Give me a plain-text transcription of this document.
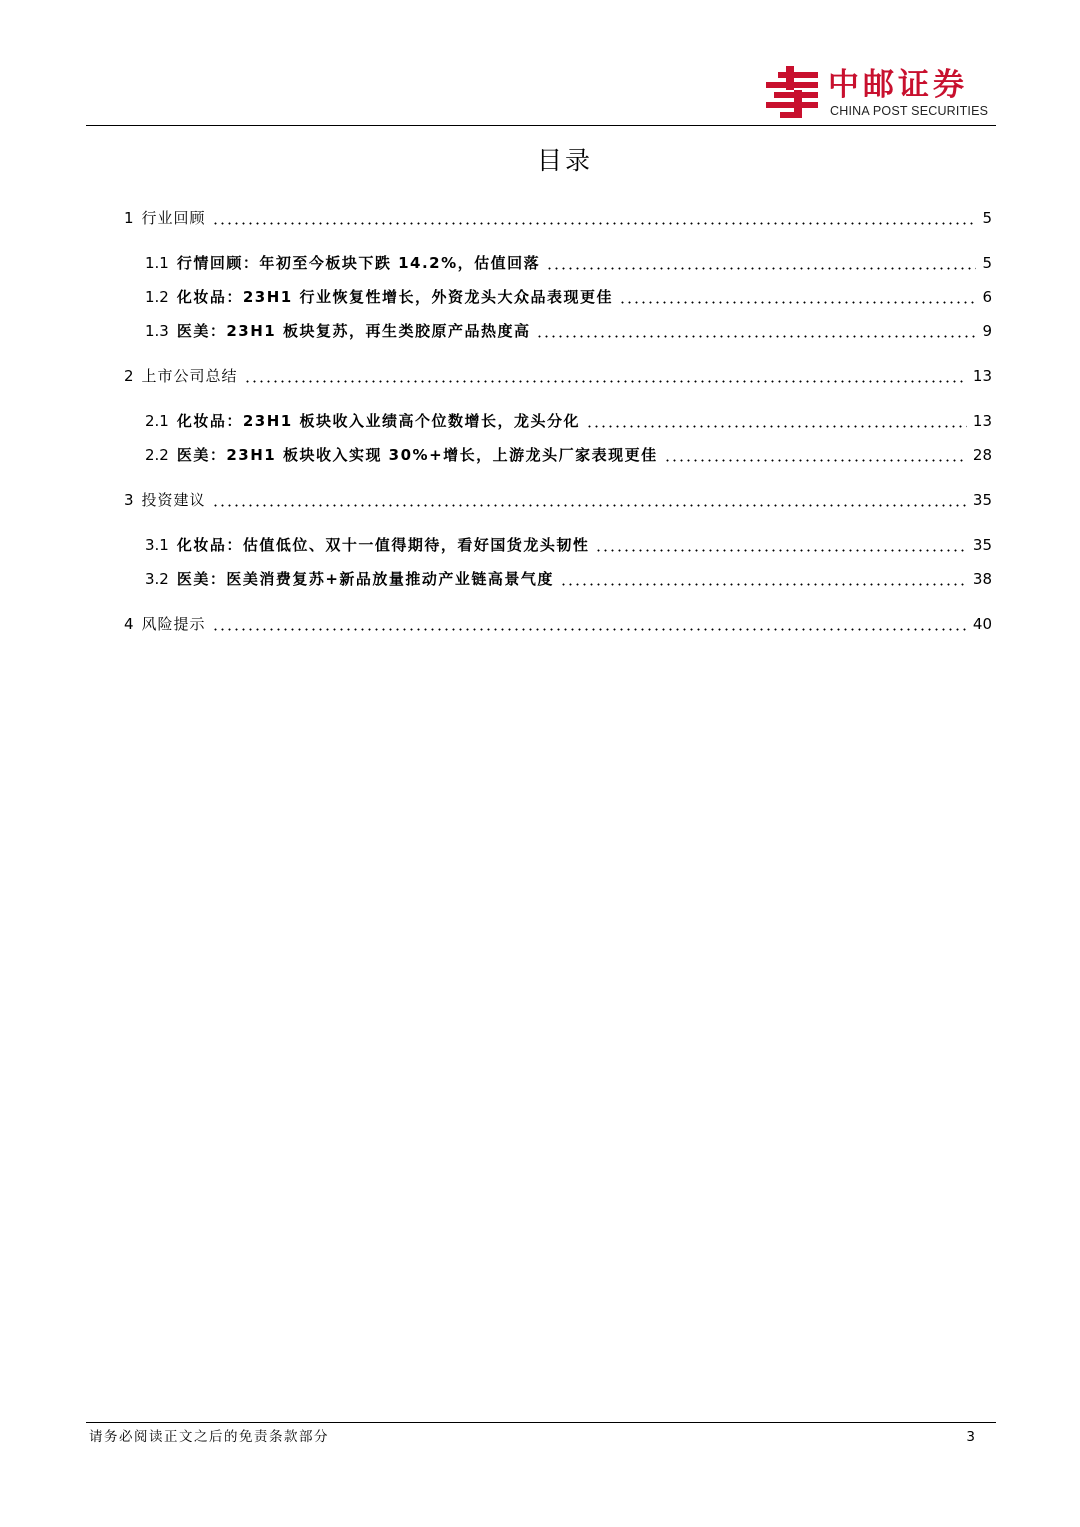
中邮证券
CHINA POST SECURITIES
目录
1 行业回顾	5
1.1 行情回顾：年初至今板块下跌 14.2%，估值回落	5
1.2 化妆品：23H1 行业恢复性增长，外资龙头大众品表现更佳	6
1.3 医美：23H1 板块复苏，再生类胶原产品热度高	9
2 上市公司总结	13
2.1 化妆品：23H1 板块收入业绩高个位数增长，龙头分化	13
2.2 医美：23H1 板块收入实现 30%+增长，上游龙头厂家表现更佳	28
3 投资建议	35
3.1 化妆品：估值低位、双十一值得期待，看好国货龙头韧性	35
3.2 医美：医美消费复苏+新品放量推动产业链高景气度	38
4 风险提示	40
请务必阅读正文之后的免责条款部分	3
